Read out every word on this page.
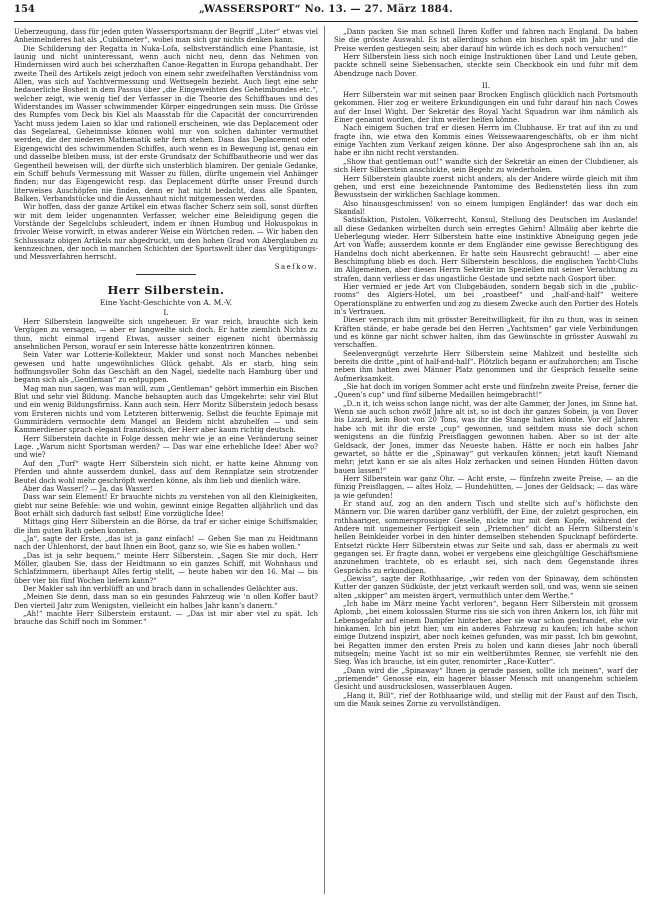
154	„WASSERSPORT“ No. 13. — 27. März 1884.

Ueberzeugung, dass für jeden guten Wassersportsmann der Begriff „Liter“ etwas viel Anheimelnderes hat als „Cubikmeter“, wobei man sich gar nichts denken kann.

Die Schilderung der Regatta in Nuka-Lofa, selbstverständlich eine Phantasie, ist launig und nicht uninteressant, wenn auch nicht neu, denn das Nehmen von Hindernissen wird auch bei scherzhaften Canoe-Regatten in Europa gehandhabt. Der zweite Theil des Artikels zeigt jedoch von einem sehr zweifelhaften Verständniss vom Allen, was sich auf Yachtvermessung und Wettsegeln bezieht. Auch liegt eine sehr hedauerliche Bosheit in dem Passus über „die Eingeweihten des Geheimbundes etc.“, welcher zeigt, wie wenig tief der Verfasser in die Theorie des Schiffbaues und des Widerstandes im Wasser schwimmender Körper eingedrungen sein muss. Die Grösse des Rumpfes vom Deck bis Kiel als Maasstab für die Capacität der concurrirenden Yacht muss jedem Laien so klar und rationell erscheinen, wie das Deplacement oder das Segelareal, Geheimnisse können wohl nur von solchen dahinter vermuthet werden, die der niederen Mathematik sehr fern stehen. Dass das Deplacement oder Eigengewicht des schwimmenden Schiffes, auch wenn es in Bewegung ist, genau ein und dasselbe bleiben muss, ist der erste Grundsatz der Schiffbautheorie und wer das Gegentheil beweisen will, der dürfte sich unsterblich blamiren. Der geniale Gedanke, ein Schiff behufs Vermessung mit Wasser zu füllen, dürfte ungemein viel Anhänger finden; nur das Eigengewicht resp. das Deplacement dürfte unser Freund durch literweises Auschöpfen nie finden, denn er hat nicht bedacht, dass alle Spanten, Balken, Verbandstücke und die Aussenhaut nicht mitgemessen werden.

Wir hoffen, dass der ganze Artikel ein etwas flacher Scherz sein soll, sonst dürften wir mit dem leider ungenannten Verfasser, welcher eine Beleidigung gegen die Vorstände der Segelclubs schleudert, indem er ihnen Humbug und Hokuspokus in frivoler Weise vorwirft, in etwas anderer Weise ein Wörtchen reden. — Wir haben den Schlusssatz obigen Artikels nur abgedruckt, um den hohen Grad von Aberglauben zu kennzeichnen, der noch in manchen Schichten der Sportswelt über das Vergütigungs- und Messverfahren herrscht.

Saefkow.
Herr Silberstein.
Eine Yacht-Geschichte von A. M.-V.
I.

Herr Silberstein langweilte sich ungeheuer. Er war reich, brauchte sich kein Vergügen zu versagen, — aber er langweilte sich doch. Er hatte ziemlich Nichts zu thun, nicht einmal irgend Etwas, ausser seiner eigenen nicht übermässig ansehnlichen Person, worauf er sein Interesse hätte konzentriren können.

Sein Vater war Lotterie-Kollekteur, Makler und sonst noch Manches nebenbei gewesen und hatte ungewöhnliches Glück gehabt. Als er starb, hing sein hoffnungsvoller Sohn das Geschäft an den Nagel, siedelte nach Hamburg über und begann sich als „Gentleman“ zu entpuppen.

Mag man nun sagen, was man will, zum „Gentleman“ gehört immerhin ein Bischen Blut und sehr viel Bildung. Manche behaupten auch das Umgekehrte: sehr viel Blut und ein wenig Bildungsfirniss. Kann auch sein. Herr Moritz Silberstein jedoch besass vom Ersteren nichts und vom Letzteren bitterwenig. Selbst die feuchte Epimaje mit Gummirädern vermochte dem Mangel an Beidem nicht abzuhelfen — und sein Kammerdiener sprach elegant französisch, der Herr aber kaum richtig deutsch.

Herr Silberstein dachte in Folge dessen mehr wie je an eine Veränderung seiner Lage. „Warum nicht Sportsman werden? — Das war eine erhebliche Idee! Aber wo? und wie?

Auf den „Turf“ wagte Herr Silberstein sich nicht, er hatte keine Ahnung von Pferden und ahnte ausserdem dunkel, dass auf dem Rennplatze sein strotzender Beutel doch wohl mehr geschröpft werden könne, als ihm lieb und dienlich wäre.

Aber das Wasser!? — Ja, das Wasser!

Dass war sein Element! Er brauchte nichts zu verstehen von all den Kleinigkeiten, giebt nur seine Befehle: wie und wohin, gewinnt einige Regatten alljährlich und das Boot erhält sich dadurch fast selbst! Eine vorzügliche Idee!

Mittags ging Herr Silberstein an die Börse, da traf er sicher einige Schiffsmakler, die ihm guten Rath geben konnten.

„Ja“, sagte der Erste, „das ist ja ganz einfach! — Gehen Sie man zu Heidtmann nach der Uhlenhorst, der baut Ihnen ein Boot, ganz so, wie Sie es haben wollen.“

„Das ist ja sehr bequem,“ meinte Herr Silberstein. „Sagen Sie mir doch, Herr Möller, glauben Sie, dass der Heidtmann so ein ganzes Schiff, mit Wohnhaus und Schlafzimmern, überhaupt Alles fertig stellt, — heute haben wir den 16. Mai — bis über vier bis fünf Wochen liefern kann?“

Der Makler sah ihn verblüfft an und brach dann in schallendes Gelächter aus.

„Meinen Sie denn, dass man so ein gesundes Fahrzeug wie ’n ollen Koffer baut? Den vierteil Jahr zum Wenigsten, vielleicht ein halbes Jahr kann’s danern.“

„Ah!“ machte Herr Silberstein erstaunt. — „Das ist mir aber viel zu spät. Ich brauche das Schiff noch im Sommer.“

„Dann packen Sie man schnell Ihren Koffer und fahren nach England. Da haben Sie die grösste Auswahl. Es ist allerdings schon ein bischen spät im Jahr und die Preise werden gestiegen sein; aber darauf hin würde ich es doch noch versuchen!“

Herr Silberstein liess sich noch einige Instruktionen über Land und Leute geben, packte schnell seine Siebensachen, steckte sein Checkbook ein und fuhr mit dem Abendzuge nach Dover.

II.

Herr Silberstein war mit seinen paar Brocken Englisch glücklich nach Portsmouth gekommen. Hier zog er weitere Erkundigungen ein und fuhr darauf hin nach Cowes auf der Insel Wight. Der Sekretär des Royal Yacht Squadron war ihm nämlich als Einer genannt worden, der ihm weiter helfen könne.

Nach einigem Suchen traf er diesen Herrn im Clubhause. Er trat auf ihn zu und fragte ihn, wie etwa den Kommis eines Weissewaarengeschäfts, ob er ihm nicht einige Yachten zum Verkauf zeigen könne. Der also Angesprochene sah ihn an, als habe er ihn nicht recht verstanden.

„Show that gentleman out!“ wandte sich der Sekretär an einen der Clubdiener, als sich Herr Silberstein anschickte, sein Begehr zu wiederholen.

Herr Silberstein glaubte zuerst nicht anders, als der Andere würde gleich mit ihm gehen, und erst eine bezeichnende Pantomime des Bedienstetén liess ihn zum Bewusstsein der wirklichen Sachlage kommen.

Also hinausgeschmissen! von so einem lumpigen Engländer! das war doch ein Skandal!

Satisfaktion, Pistolen, Völkerrecht, Konsul, Stellung des Deutschen im Auslande! all diese Gedanken wirbelten durch sein erregtes Gehirn! Allmälig aber kehrte die Ueberlegung wieder. Herr Silberstein hatte eine instinktive Abneigung gegen jede Art von Waffe; ausserdem konnte er dem Engländer eine gewisse Berechtigung des Handelns doch nicht aberkennen. Er hatte sein Hausrecht gebraucht! — aber eine Beschimpfung blieb es doch. Herr Silberstein beschloss, die englischen Yacht-Clubs im Allgemeinen, aber diesen Herrn Sekretär im Speziellen mit seiner Verachtung zu strafen, dann verliess er das ungastliche Gestade und setzte nach Gosport über.

Hier vermied er jede Art von Clubgebäuden, sondern begab sich in die „public-rooms“ des Algiers-Hotel, um bei „roastbeef“ und „half-and-half“ weitere Operationspläne zu entwerfen und zog zu diesem Zwecke auch den Portier des Hotels in’s Vertrauen.

Dieser versprach ihm mit grösster Bereitwilligkeit, für ihn zu thun, was in seinen Kräften stände, er habe gerade bei den Herren „Yachtsmen“ gar viele Verbindungen und es könne gar nicht schwer halten, ihm das Gewünschte in grösster Auswahl zu verschaffen.

Seelenvergnügt verzehrte Herr Silberstein seine Mahlzeit und bestellte sich bereits die dritte „pint of half-and-half“. Plötzlich begann er aufzuhorchen; am Tische neben ihm hatten zwei Männer Platz genommen und ihr Gespräch fesselte seine Aufmerksamkeit.

„Sie hat doch im vorigen Sommer acht erste und fünfzehn zweite Preise, ferner die „Queen’s cup“ und fünf silberne Medaillen heimgebracht!“

„D..n it, ich weiss schon lange nicht, was der alte Gammer, der Jones, im Sinne hat. Wenn sie auch schon zwölf Jahre alt ist, so ist doch ihr ganzes Sobein, ja von Dover bis Lizard, kein Boot von 20 Tons, was ihr die Stange halten könnte. Vor elf Jahren habe ich mit ihr die erste „cup“ gewonnen, und seitdem muss sie doch schon wenigstens an die fünfzig Preisflaggen gewonnen haben. Aber so ist der alte Geldsack, der Jones, immer das Neueste haben. Hätte er noch ein halbes Jahr gewartet, so hätte er die „Spinaway“ gut verkaufen können; jetzt kauft Niemand mehr; jetzt kann er sie als altes Holz zerhacken und seinen Hunden Hütten davon bauen lassen!“

Herr Silberstein war ganz Ohr. — Acht erste, — fünfzehn zweite Preise, — an die fünzig Preisflaggen, — altes Holz, — Hundehütten, — Jones der Geldsack; — das wäre ja wie gefunden!

Er stand auf, zog an den andern Tisch und stellte sich auf’s höflichste den Männern vor. Die waren darüber ganz verblüfft, der Eine, der zuletzt gesprochen, ein rothhaariger, sommersprossiger Geselle, nickte nur mit dem Kopfe, während der Andere mit ungemeiner Fertigkeit sein „Priemchen“ dicht an Herrn Silberstein’s hellen Beinkleider vorbei in den hinter demselben stehenden Spucknapf beförderte. Entsetzt rückte Herr Silberstein etwas zur Seite und sah, dass er abermals zu weit gegangen sei. Er fragte dann, wobei er vergebens eine gleichgültige Geschäftsmiene anzunehmen trachtete, ob es erlaubt sei, sich nach dem Gegenstande ihres Gesprächs zu erkundigen.

„Gewiss“, sagte der Rothhaarige, „wir reden von der Spinaway, dem schönsten Kutter der ganzen Südküste, der jetzt verkauft werden soll, und was, wenn sie seinen alten „skipper“ am meisten ärgert, vermuthlich unter dem Werthe.“

„Ich habe im März meine Yacht verloren“, begann Herr Silberstein mit grossem Aplomb, „bei einem kolossalen Sturme riss sie sich von ihren Ankern los, ich führ mit Lebensgefahr auf einem Dampfer hinterher, aber sie war schon gestrandet, ehe wir hinkamen. Ich bin jetzt hier, um ein anderes Fahrzeug zu kaufen; ich habe schon einige Dutzend inspizirt, aber noch keines gefunden, was mir passt. Ich bin gewohnt, bei Regatten immer den ersten Preis zu holen und kann dieses Jahr noch überall mitsegeln; meine Yacht ist so mir ein weltberühmtes Renner, sie verfehlt nie den Sieg. Was ich brauche, ist ein guter, renomirter „Race-Kutter“.

„Dann wird die „Spinaway“ Ihnen ja gerade passen, sollte ich meinen“, warf der „priemende“ Genosse ein, ein hagerer blasser Mensch mit unangenehm schielem Gesicht und ausdruckslosen, wasserblauen Augen.

„Hang it, Bill“, rief der Rothhaarige wild, und stellig mit der Faust auf den Tisch, um die Mauk seines Zorne zu vervollständigen.
